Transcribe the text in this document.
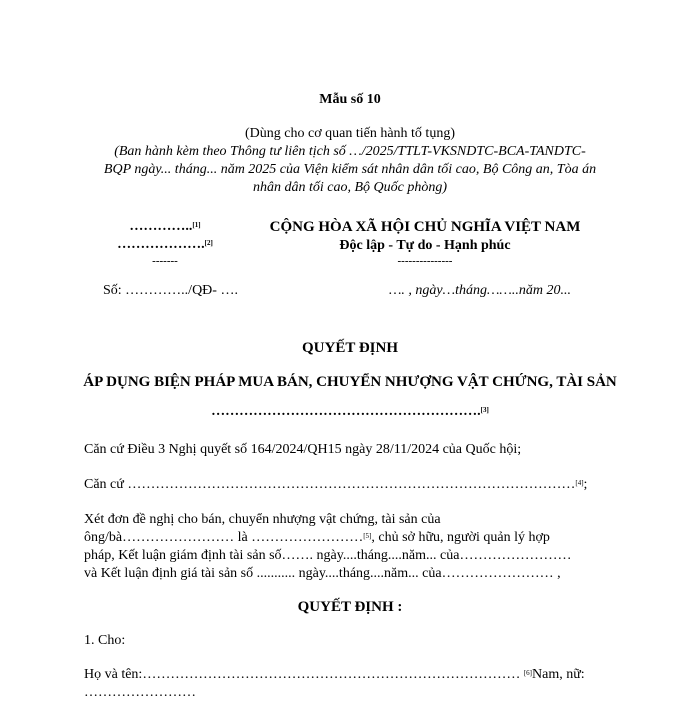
Mẫu số 10
(Dùng cho cơ quan tiến hành tố tụng)
(Ban hành kèm theo Thông tư liên tịch số …/2025/TTLT-VKSNDTC-BCA-TANDTC-
BQP ngày... tháng... năm 2025 của Viện kiểm sát nhân dân tối cao, Bộ Công an, Tòa án
nhân dân tối cao, Bộ Quốc phòng)
…………..[1]
……………….[2]
-------
Số: …………../QĐ- ….
CỘNG HÒA XÃ HỘI CHỦ NGHĨA VIỆT NAM
Độc lập - Tự do - Hạnh phúc
---------------
…. , ngày…tháng……..năm 20...
QUYẾT ĐỊNH
ÁP DỤNG BIỆN PHÁP MUA BÁN, CHUYỂN NHƯỢNG VẬT CHỨNG, TÀI SẢN
………………………………………………….[3]
Căn cứ Điều 3 Nghị quyết số 164/2024/QH15 ngày 28/11/2024 của Quốc hội;
Căn cứ ……………………………………………………………………………………[4];
Xét đơn đề nghị cho bán, chuyển nhượng vật chứng, tài sản của
ông/bà…………………… là ……………………[5], chủ sở hữu, người quản lý hợp
pháp, Kết luận giám định tài sản số……. ngày....tháng....năm... của……………………
và Kết luận định giá tài sản số ........... ngày....tháng....năm... của…………………… ,
QUYẾT ĐỊNH :
1. Cho:
Họ và tên:……………………………………………………………………… [6]Nam, nữ:
……………………
